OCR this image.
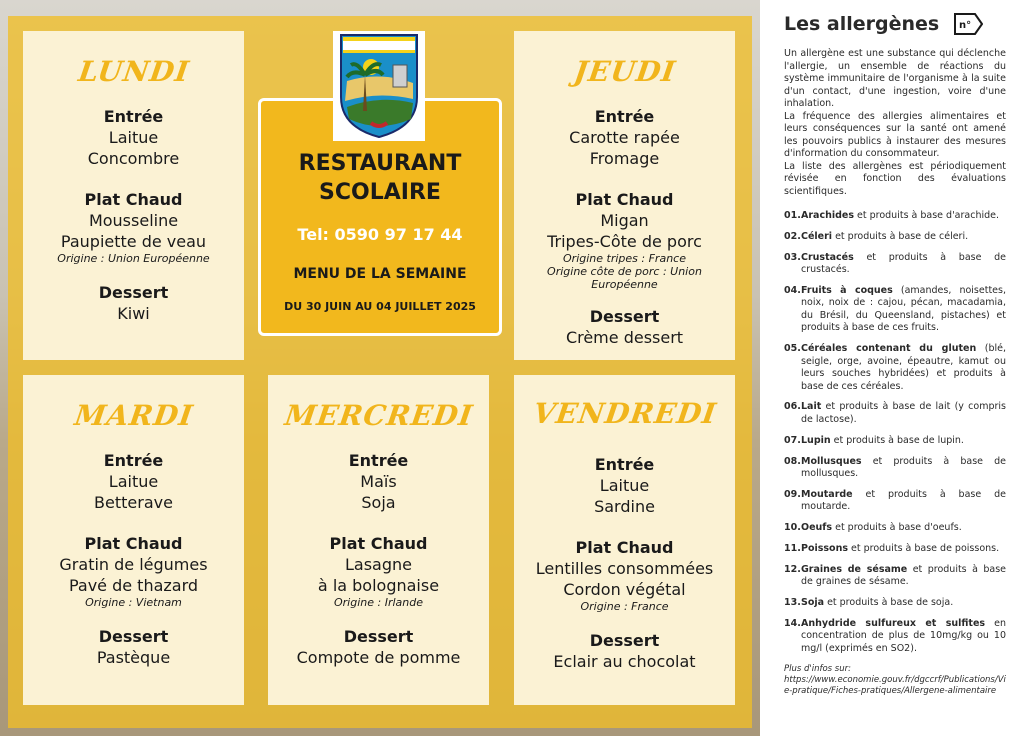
LUNDI
Entrée
Laitue
Concombre
Plat Chaud
Mousseline
Paupiette de veau
Origine : Union Européenne
Dessert
Kiwi
JEUDI
Entrée
Carotte rapée
Fromage
Plat Chaud
Migan
Tripes-Côte de porc
Origine tripes : France
Origine côte de porc : Union Européenne
Dessert
Crème dessert
MARDI
Entrée
Laitue
Betterave
Plat Chaud
Gratin de légumes
Pavé de thazard
Origine : Vietnam
Dessert
Pastèque
MERCREDI
Entrée
Maïs
Soja
Plat Chaud
Lasagne
à la bolognaise
Origine : Irlande
Dessert
Compote de pomme
VENDREDI
Entrée
Laitue
Sardine
Plat Chaud
Lentilles consommées
Cordon végétal
Origine : France
Dessert
Eclair au chocolat
RESTAURANT
SCOLAIRE
Tel: 0590 97 17 44
MENU DE LA SEMAINE
DU 30 JUIN AU 04 JUILLET 2025
Les allergènes n°
Un allergène est une substance qui déclenche l'allergie, un ensemble de réactions du système immunitaire de l'organisme à la suite d'un contact, d'une ingestion, voire d'une inhalation.
La fréquence des allergies alimentaires et leurs conséquences sur la santé ont amené les pouvoirs publics à instaurer des mesures d'information du consommateur.
La liste des allergènes est périodiquement révisée en fonction des évaluations scientifiques.
01. Arachides et produits à base d'arachide.
02. Céleri et produits à base de céleri.
03. Crustacés et produits à base de crustacés.
04. Fruits à coques (amandes, noisettes, noix, noix de : cajou, pécan, macadamia, du Brésil, du Queensland, pistaches) et produits à base de ces fruits.
05. Céréales contenant du gluten (blé, seigle, orge, avoine, épeautre, kamut ou leurs souches hybridées) et produits à base de ces céréales.
06. Lait et produits à base de lait (y compris de lactose).
07. Lupin et produits à base de lupin.
08. Mollusques et produits à base de mollusques.
09. Moutarde et produits à base de moutarde.
10. Oeufs et produits à base d'oeufs.
11. Poissons et produits à base de poissons.
12. Graines de sésame et produits à base de graines de sésame.
13. Soja et produits à base de soja.
14. Anhydride sulfureux et sulfites en concentration de plus de 10mg/kg ou 10 mg/l (exprimés en SO2).
Plus d'infos sur:
https://www.economie.gouv.fr/dgccrf/Publications/Vie-pratique/Fiches-pratiques/Allergene-alimentaire
